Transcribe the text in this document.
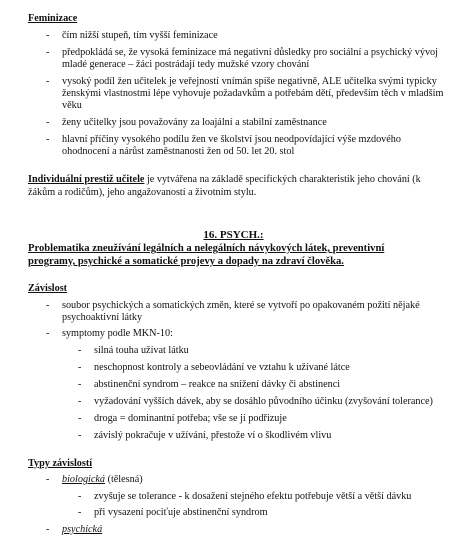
Feminizace
- čím nižší stupeň, tím vyšší feminizace
- předpokládá se, že vysoká feminizace má negativní důsledky pro sociální a psychický vývoj
mladé generace – žáci postrádají tedy mužské vzory chování
- vysoký podíl žen učitelek je veřejností vnímán spíše negativně, ALE učitelka svými typicky
ženskými vlastnostmi lépe vyhovuje požadavkům a potřebám dětí, především těch v mladším
věku
- ženy učitelky jsou považovány za loajální a stabilní zaměstnance
- hlavní příčiny vysokého podílu žen ve školství jsou neodpovídající výše mzdového
ohodnocení a nárůst zaměstnanosti žen od 50. let 20. stol
Individuální prestiž učitele je vytvářena na základě specifických charakteristik jeho chování (k
žákům a rodičům), jeho angažovaností a životním stylu.
16. PSYCH.:
Problematika zneužívání legálních a nelegálních návykových látek, preventivní
programy, psychické a somatické projevy a dopady na zdraví člověka.
Závislost
- soubor psychických a somatických změn, které se vytvoří po opakovaném požití nějaké
psychoaktivní látky
- symptomy podle MKN-10:
- silná touha užívat látku
- neschopnost kontroly a sebeovládání ve vztahu k užívané látce
- abstinenční syndrom – reakce na snížení dávky či abstinenci
- vyžadování vyšších dávek, aby se dosáhlo původního účinku (zvyšování tolerance)
- droga = dominantní potřeba; vše se jí podřizuje
- závislý pokračuje v užívání, přestože ví o škodlivém vlivu
Typy závislostí
- biologická (tělesná)
- zvyšuje se tolerance - k dosažení stejného efektu potřebuje větší a větší dávku
- při vysazení pociťuje abstinenční syndrom
- psychická
